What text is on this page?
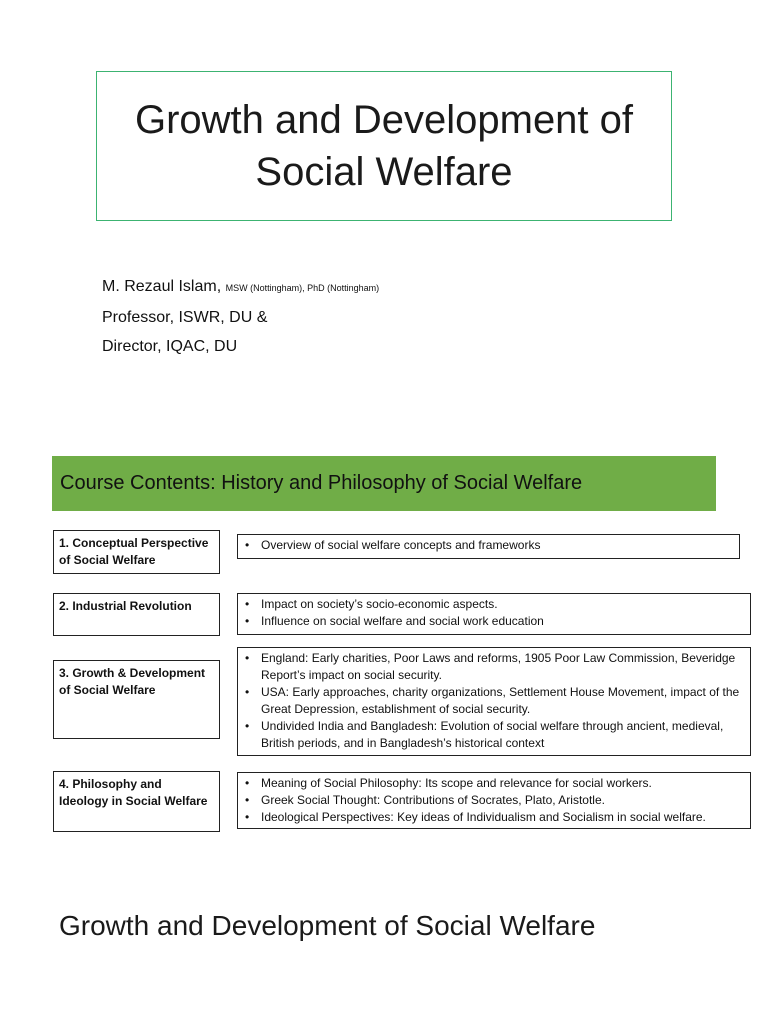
Growth and Development of
Social Welfare
M. Rezaul Islam, MSW (Nottingham), PhD (Nottingham)
Professor, ISWR, DU &
Director, IQAC, DU
Course Contents: History and Philosophy of Social Welfare
1. Conceptual Perspective of Social Welfare
• Overview of social welfare concepts and frameworks
2. Industrial Revolution
•	Impact on society’s socio-economic aspects.
• Influence on social welfare and social work education
3. Growth & Development of Social Welfare
• England: Early charities, Poor Laws and reforms, 1905 Poor Law Commission, Beveridge Report’s impact on social security.
• USA: Early approaches, charity organizations, Settlement House Movement, impact of the Great Depression, establishment of social security.
• Undivided India and Bangladesh: Evolution of social welfare through ancient, medieval, British periods, and in Bangladesh’s historical context
4. Philosophy and Ideology in Social Welfare
• Meaning of Social Philosophy: Its scope and relevance for social workers.
• Greek Social Thought: Contributions of Socrates, Plato, Aristotle.
• Ideological Perspectives: Key ideas of Individualism and Socialism in social welfare.
Growth and Development of Social Welfare
